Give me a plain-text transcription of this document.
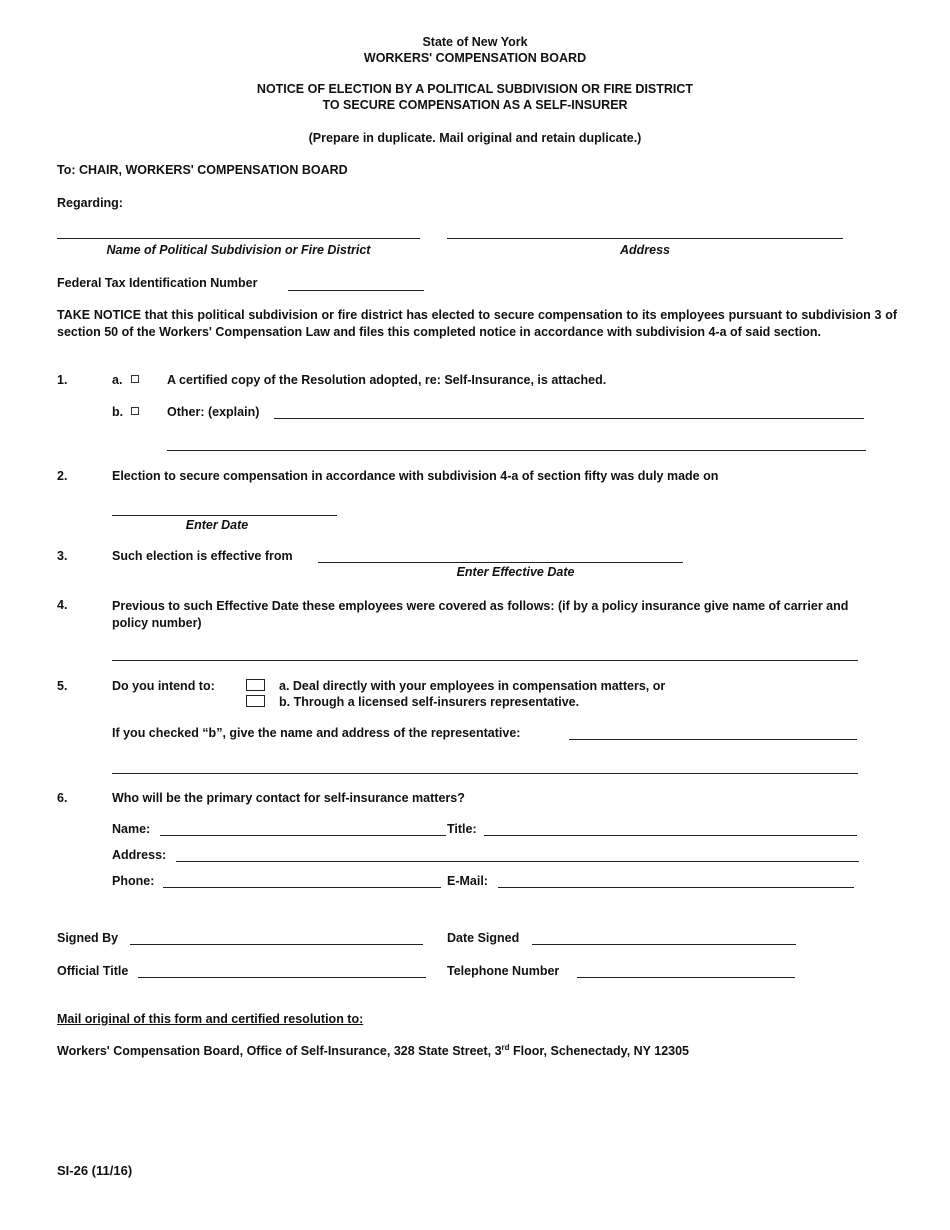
State of New York
WORKERS' COMPENSATION BOARD
NOTICE OF ELECTION BY A POLITICAL SUBDIVISION OR FIRE DISTRICT
TO SECURE COMPENSATION AS A SELF-INSURER
(Prepare in duplicate. Mail original and retain duplicate.)
To: CHAIR, WORKERS' COMPENSATION BOARD
Regarding:
Name of Political Subdivision or Fire District	Address
Federal Tax Identification Number
TAKE NOTICE that this political subdivision or fire district has elected to secure compensation to its employees pursuant to subdivision 3 of section 50 of the Workers' Compensation Law and files this completed notice in accordance with subdivision 4-a of said section.
1.	a.	A certified copy of the Resolution adopted, re: Self-Insurance, is attached.
b.	Other: (explain)
2.	Election to secure compensation in accordance with subdivision 4-a of section fifty was duly made on
Enter Date
3.	Such election is effective from
Enter Effective Date
4.	Previous to such Effective Date these employees were covered as follows: (if by a policy insurance give name of carrier and policy number)
5.	Do you intend to:	a. Deal directly with your employees in compensation matters, or
b. Through a licensed self-insurers representative.
If you checked “b”, give the name and address of the representative:
6.	Who will be the primary contact for self-insurance matters?
Name:	Title:
Address:
Phone:	E-Mail:
Signed By	Date Signed
Official Title	Telephone Number
Mail original of this form and certified resolution to:
Workers' Compensation Board, Office of Self-Insurance, 328 State Street, 3rd Floor, Schenectady, NY 12305
SI-26 (11/16)
